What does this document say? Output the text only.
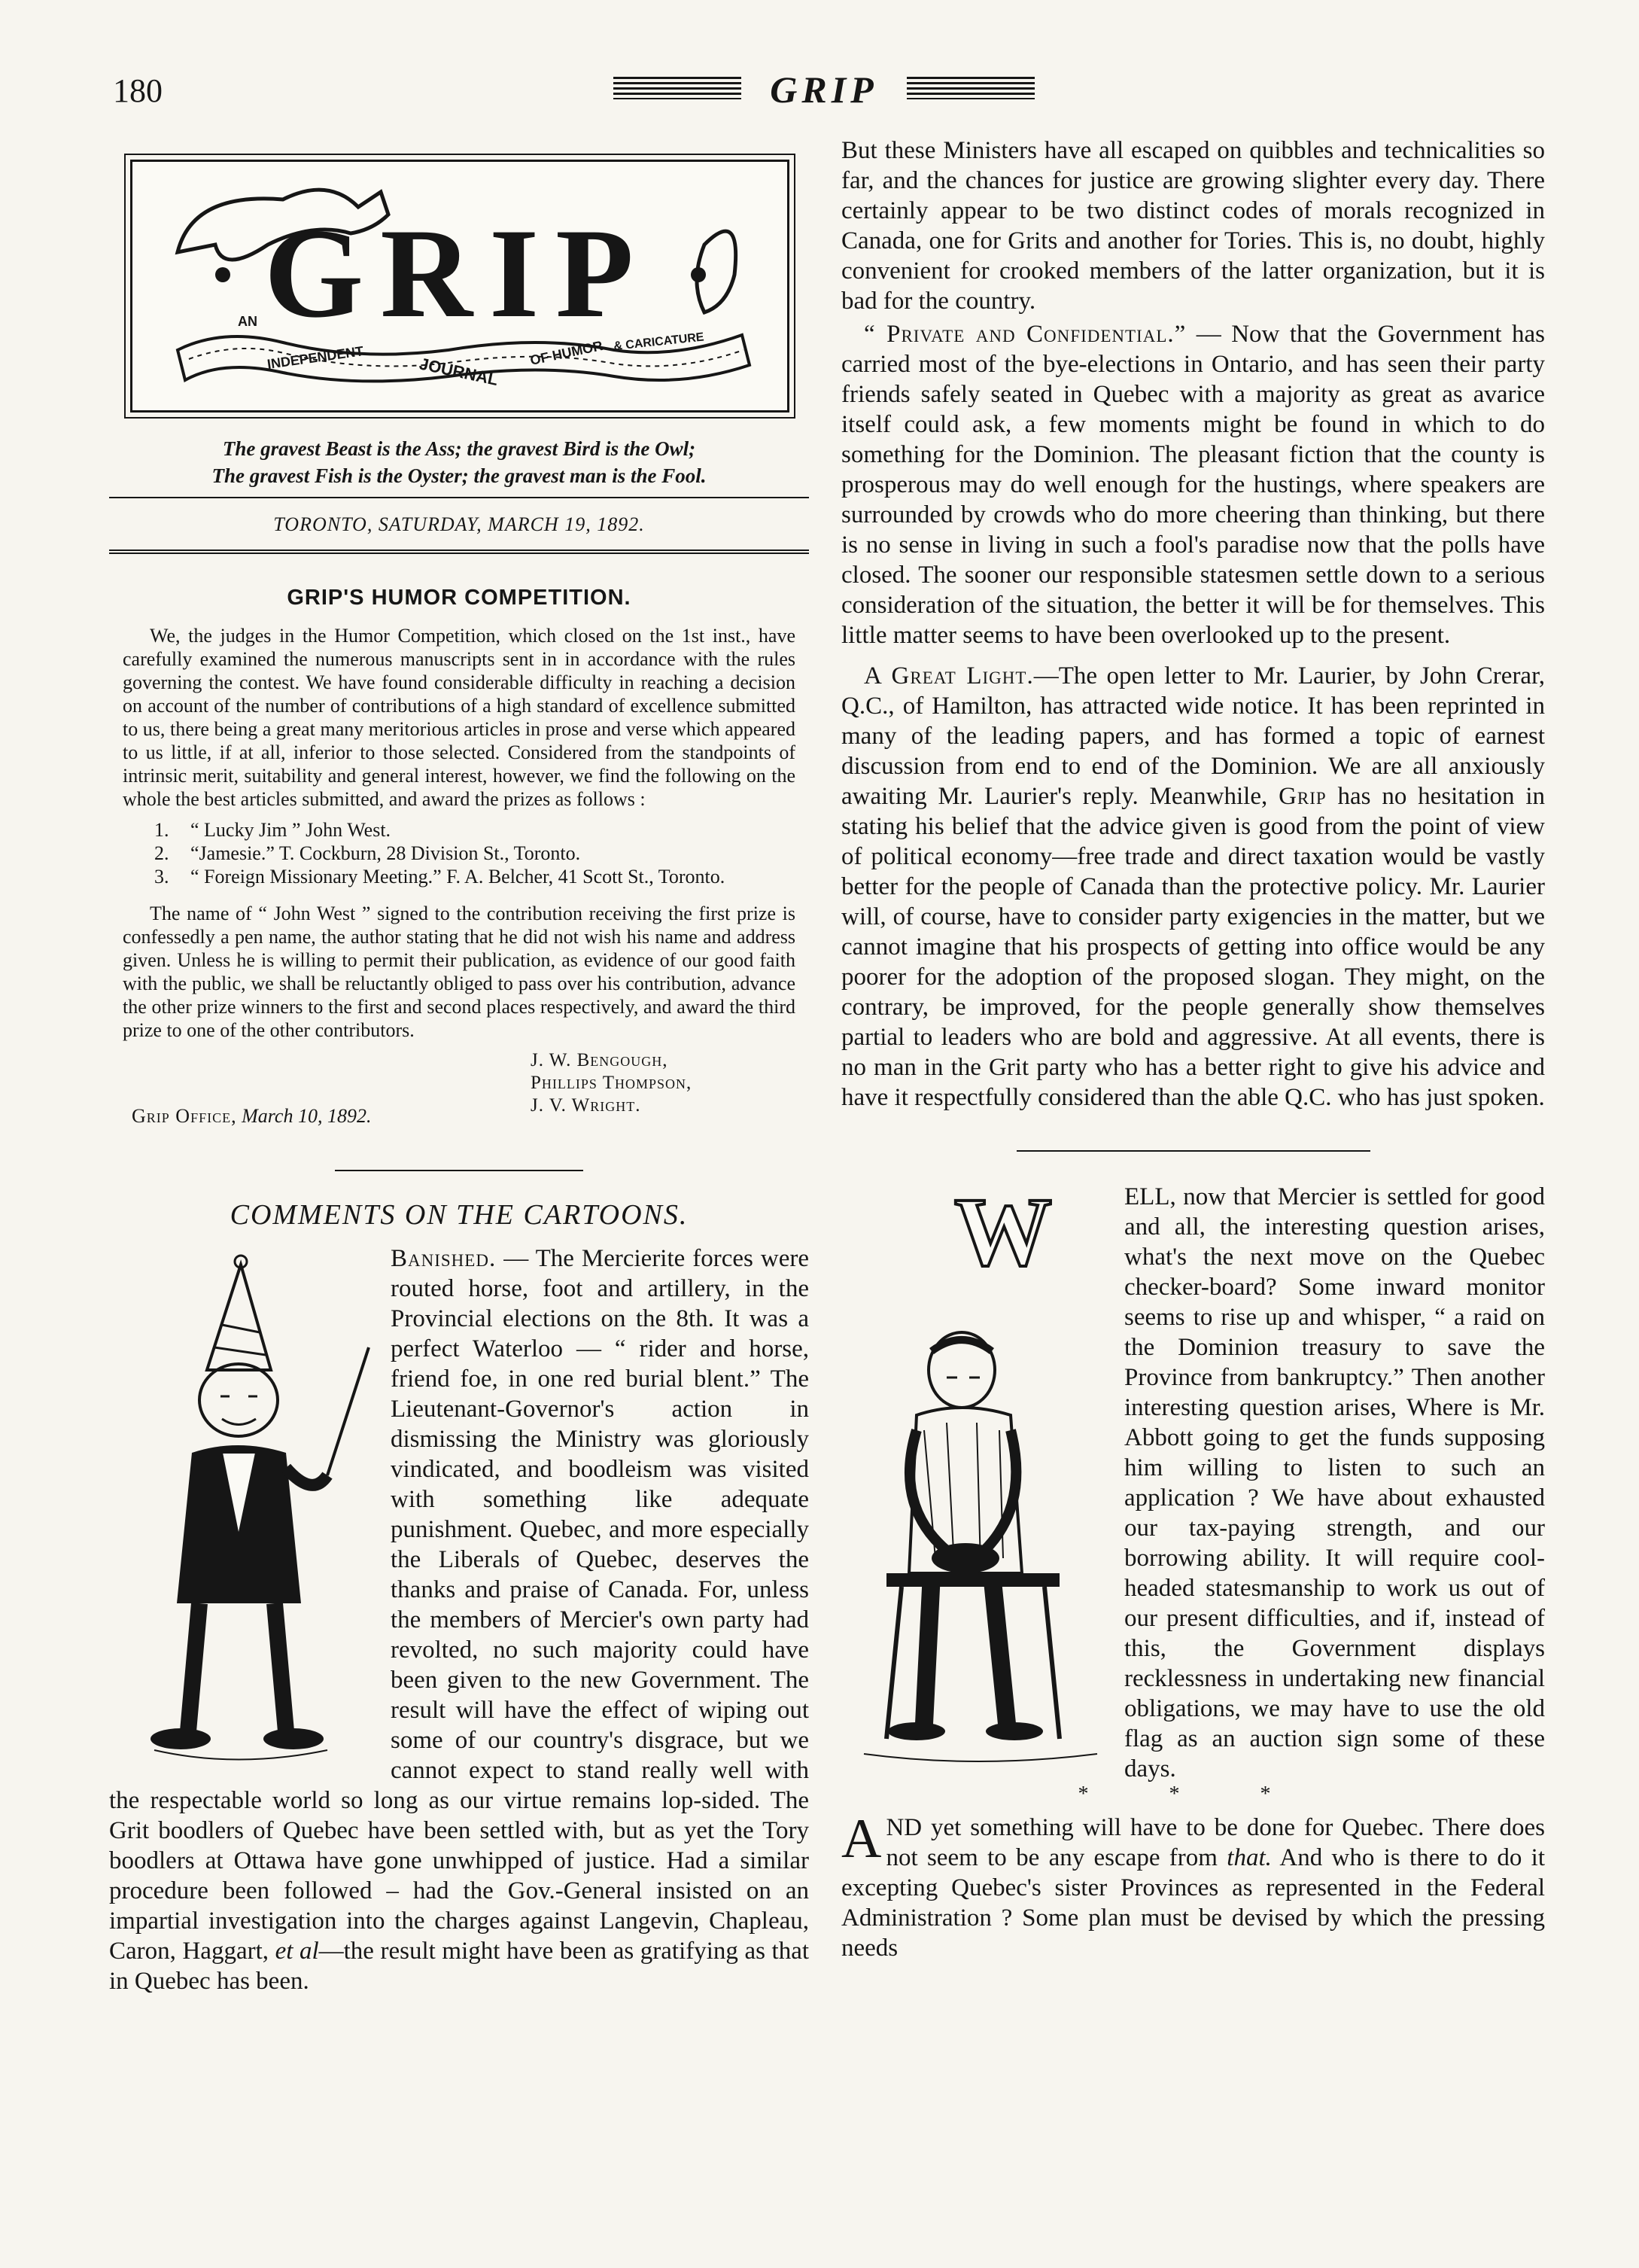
180	GRIP
GRIP
AN
INDEPENDENT	JOURNAL
OF HUMOR & CARICATURE
The gravest Beast is the Ass; the gravest Bird is the Owl;
The gravest Fish is the Oyster; the gravest man is the Fool.
TORONTO, SATURDAY, MARCH 19, 1892.
GRIP'S HUMOR COMPETITION.

We, the judges in the Humor Competition, which closed on the 1st inst., have carefully examined the numerous manuscripts sent in in accordance with the rules governing the contest. We have found considerable difficulty in reaching a decision on account of the number of contributions of a high standard of excellence submitted to us, there being a great many meritorious articles in prose and verse which appeared to us little, if at all, inferior to those selected. Considered from the standpoints of intrinsic merit, suitability and general interest, however, we find the following on the whole the best articles submitted, and award the prizes as follows :

1.	“ Lucky Jim ” John West.
2.	“Jamesie.” T. Cockburn, 28 Division St., Toronto.
3.	“ Foreign Missionary Meeting.” F. A. Belcher, 41 Scott St., Toronto.

The name of “ John West ” signed to the contribution receiving the first prize is confessedly a pen name, the author stating that he did not wish his name and address given. Unless he is willing to permit their publication, as evidence of our good faith with the public, we shall be reluctantly obliged to pass over his contribution, advance the other prize winners to the first and second places respectively, and award the third prize to one of the other contributors.

J. W. Bengough,
Phillips Thompson,
J. V. Wright.
Grip Office, March 10, 1892.
COMMENTS ON THE CARTOONS.
Banished. — The Mercierite forces were routed horse, foot and artillery, in the Provincial elections on the 8th. It was a perfect Waterloo — “ rider and horse, friend foe, in one red burial blent.” The Lieutenant-Governor's action in dismissing the Ministry was gloriously vindicated, and boodleism was visited with something like adequate punishment. Quebec, and more especially the Liberals of Quebec, deserves the thanks and praise of Canada. For, unless the members of Mercier's own party had revolted, no such majority could have been given to the new Government. The result will have the effect of wiping out some of our country's disgrace, but we cannot expect to stand really well with the respectable world so long as our virtue remains lop-sided. The Grit boodlers of Quebec have been settled with, but as yet the Tory boodlers at Ottawa have gone unwhipped of justice. Had a similar procedure been followed – had the Gov.-General insisted on an impartial investigation into the charges against Langevin, Chapleau, Caron, Haggart, et al—the result might have been as gratifying as that in Quebec has been.

But these Ministers have all escaped on quibbles and technicalities so far, and the chances for justice are growing slighter every day. There certainly appear to be two distinct codes of morals recognized in Canada, one for Grits and another for Tories. This is, no doubt, highly convenient for crooked members of the latter organization, but it is bad for the country.

“ Private and Confidential.” — Now that the Government has carried most of the bye-elections in Ontario, and has seen their party friends safely seated in Quebec with a majority as great as avarice itself could ask, a few moments might be found in which to do something for the Dominion. The pleasant fiction that the county is prosperous may do well enough for the hustings, where speakers are surrounded by crowds who do more cheering than thinking, but there is no sense in living in such a fool's paradise now that the polls have closed. The sooner our responsible statesmen settle down to a serious consideration of the situation, the better it will be for themselves. This little matter seems to have been overlooked up to the present.

A Great Light.—The open letter to Mr. Laurier, by John Crerar, Q.C., of Hamilton, has attracted wide notice. It has been reprinted in many of the leading papers, and has formed a topic of earnest discussion from end to end of the Dominion. We are all anxiously awaiting Mr. Laurier's reply. Meanwhile, Grip has no hesitation in stating his belief that the advice given is good from the point of view of political economy—free trade and direct taxation would be vastly better for the people of Canada than the protective policy. Mr. Laurier will, of course, have to consider party exigencies in the matter, but we cannot imagine that his prospects of getting into office would be any poorer for the adoption of the proposed slogan. They might, on the contrary, be improved, for the people generally show themselves partial to leaders who are bold and aggressive. At all events, there is no man in the Grit party who has a better right to give his advice and have it respectfully considered than the able Q.C. who has just spoken.

W	ELL, now that Mercier is settled for good and all, the interesting question arises, what's the next move on the Quebec checker-board? Some inward monitor seems to rise up and whisper, “ a raid on the Dominion treasury to save the Province from bankruptcy.” Then another interesting question arises, Where is Mr. Abbott going to get the funds supposing him willing to listen to such an application ? We have about exhausted our tax-paying strength, and our borrowing ability. It will require cool-headed statesmanship to work us out of our present difficulties, and if, instead of this, the Government displays recklessness in undertaking new financial obligations, we may have to use the old flag as an auction sign some of these days.

* * *

AND yet something will have to be done for Quebec. There does not seem to be any escape from that. And who is there to do it excepting Quebec's sister Provinces as represented in the Federal Administration ? Some plan must be devised by which the pressing needs
